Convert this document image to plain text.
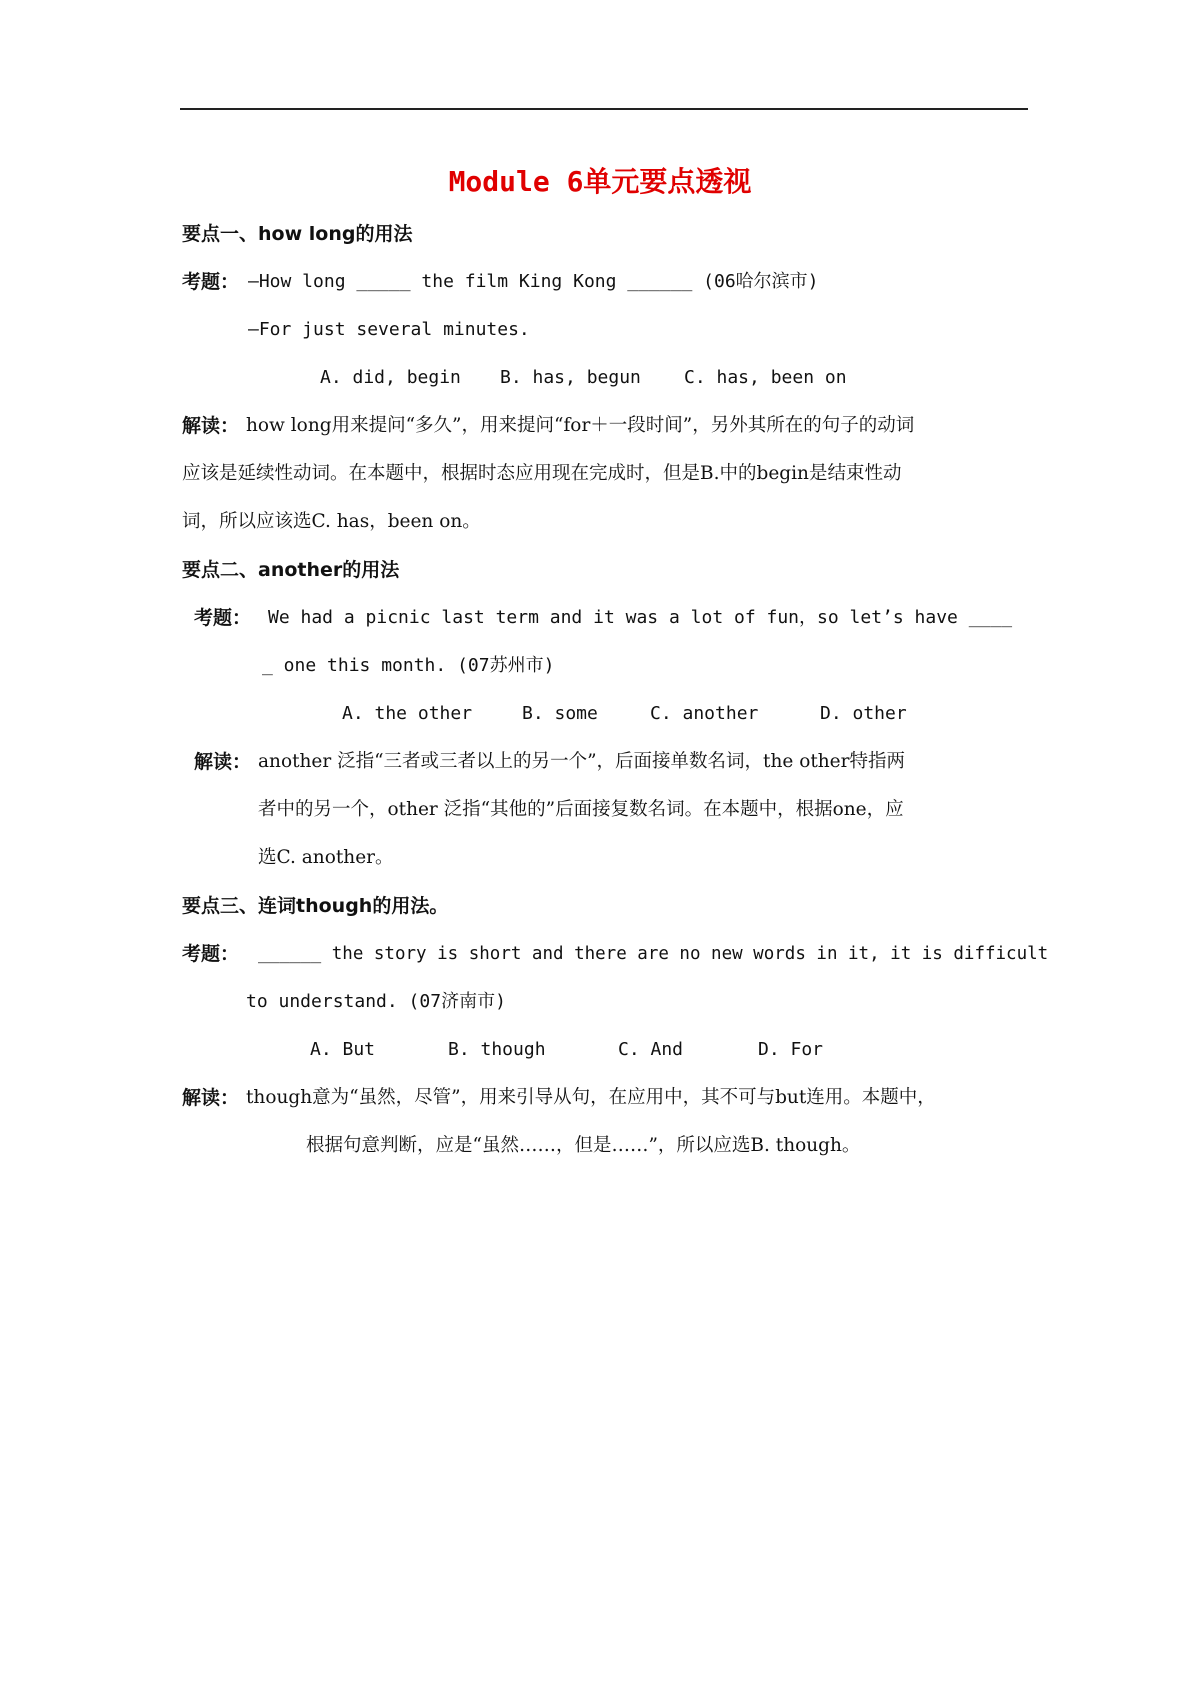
Module 6单元要点透视
要点一、how long的用法
考题： —How long _____ the film King Kong ______ (06哈尔滨市)
—For just several minutes.
A. did, begin B. has, begun C. has, been on
解读： how long用来提问“多久”，用来提问“for＋一段时间”，另外其所在的句子的动词
应该是延续性动词。在本题中，根据时态应用现在完成时，但是B.中的begin是结束性动
词，所以应该选C. has，been on。
要点二、another的用法
考题： We had a picnic last term and it was a lot of fun，so let’s have ____
_ one this month. (07苏州市)
A. the other	B. some	C. another	D. other
解读： another 泛指“三者或三者以上的另一个”，后面接单数名词，the other特指两
者中的另一个，other 泛指“其他的”后面接复数名词。在本题中，根据one，应
选C. another。
要点三、连词though的用法。
考题： ______ the story is short and there are no new words in it, it is difficult
to understand. (07济南市)
A. But	B. though	C. And	D. For
解读： though意为“虽然，尽管”，用来引导从句，在应用中，其不可与but连用。本题中，
根据句意判断，应是“虽然……，但是……”，所以应选B. though。
